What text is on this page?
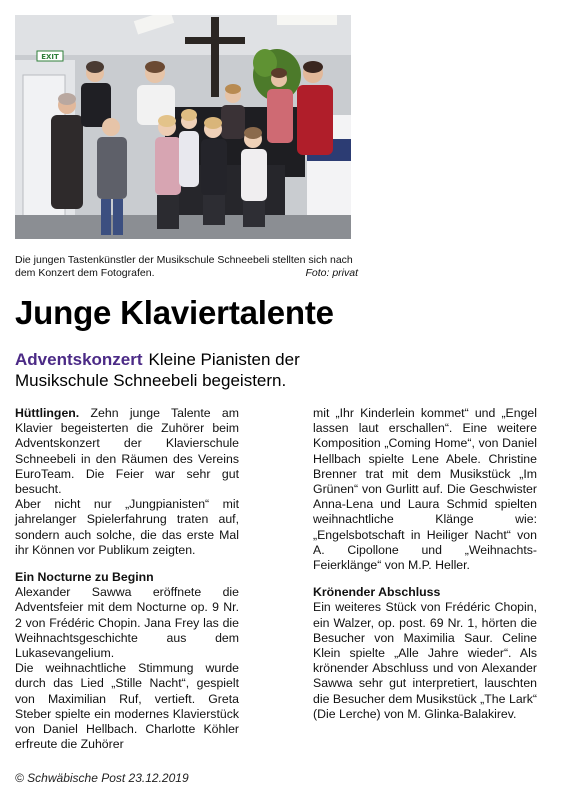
EXIT
Die jungen Tastenkünstler der Musikschule Schneebeli stellten sich nach dem Konzert dem Fotografen.	Foto: privat
Junge Klaviertalente
Adventskonzert Kleine Pianisten der Musikschule Schneebeli begeistern.

Hüttlingen. Zehn junge Talente am Klavier begeisterten die Zuhörer beim Adventskonzert der Klavierschule Schneebeli in den Räumen des Vereins EuroTeam. Die Feier war sehr gut besucht.

Aber nicht nur „Jungpianisten“ mit jahrelanger Spielerfahrung traten auf, sondern auch solche, die das erste Mal ihr Können vor Publikum zeigten.

Ein Nocturne zu Beginn

Alexander Sawwa eröffnete die Adventsfeier mit dem Nocturne op. 9 Nr. 2 von Frédéric Chopin. Jana Frey las die Weihnachtsgeschichte aus dem Lukasevangelium.

Die weihnachtliche Stimmung wurde durch das Lied „Stille Nacht“, gespielt von Maximilian Ruf, vertieft. Greta Steber spielte ein modernes Klavierstück von Daniel Hellbach. Charlotte Köhler erfreute die Zuhörer

mit „Ihr Kinderlein kommet“ und „Engel lassen laut erschallen“. Eine weitere Komposition „Coming Home“, von Daniel Hellbach spielte Lene Abele. Christine Brenner trat mit dem Musikstück „Im Grünen“ von Gurlitt auf. Die Geschwister Anna-Lena und Laura Schmid spielten weihnachtliche Klänge wie: „Engelsbotschaft in Heiliger Nacht“ von A. Cipollone und „Weihnachts-Feierklänge“ von M.P. Heller.

Krönender Abschluss

Ein weiteres Stück von Frédéric Chopin, ein Walzer, op. post. 69 Nr. 1, hörten die Besucher von Maximilia Saur. Celine Klein spielte „Alle Jahre wieder“. Als krönender Abschluss und von Alexander Sawwa sehr gut interpretiert, lauschten die Besucher dem Musikstück „The Lark“ (Die Lerche) von M. Glinka-Balakirev.

© Schwäbische Post 23.12.2019
